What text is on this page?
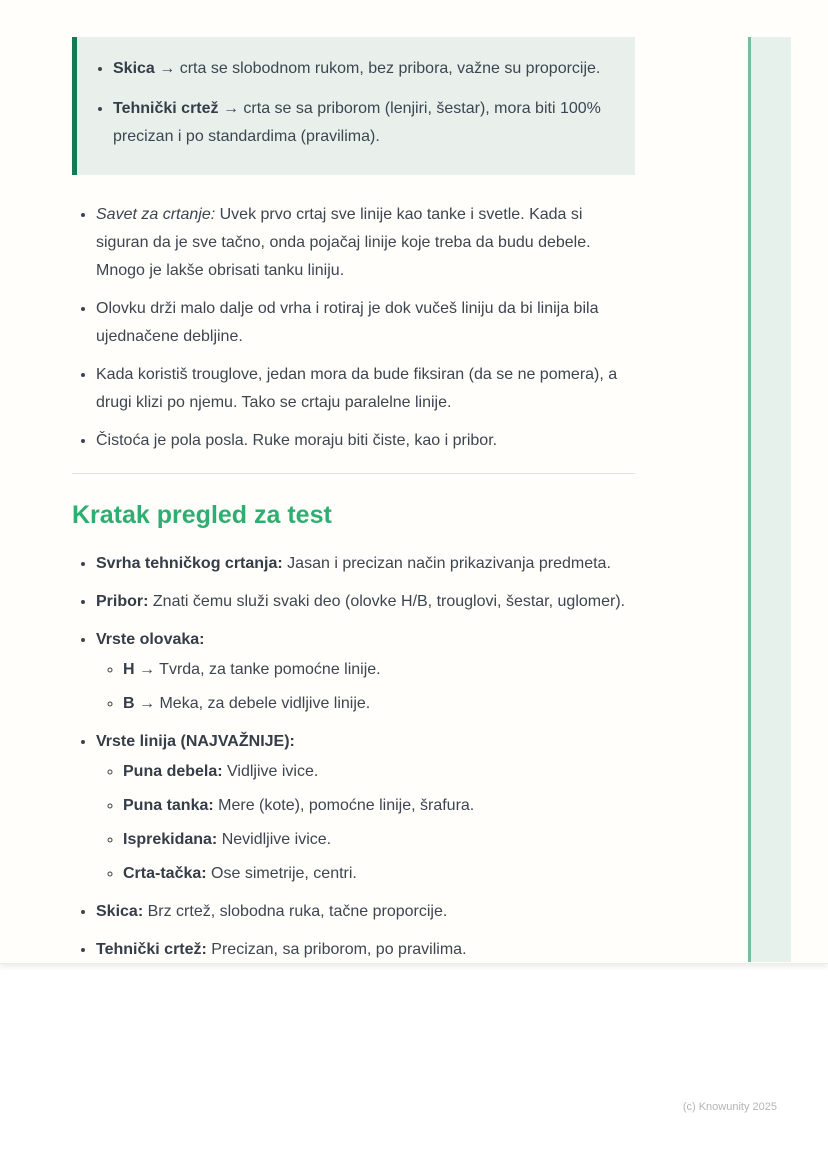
• Skica → crta se slobodnom rukom, bez pribora, važne su proporcije.
• Tehnički crtež → crta se sa priborom (lenjiri, šestar), mora biti 100% precizan i po standardima (pravilima).
• Savet za crtanje: Uvek prvo crtaj sve linije kao tanke i svetle. Kada si siguran da je sve tačno, onda pojačaj linije koje treba da budu debele. Mnogo je lakše obrisati tanku liniju.
• Olovku drži malo dalje od vrha i rotiraj je dok vučeš liniju da bi linija bila ujednačene debljine.
• Kada koristiš trouglove, jedan mora da bude fiksiran (da se ne pomera), a drugi klizi po njemu. Tako se crtaju paralelne linije.
• Čistoća je pola posla. Ruke moraju biti čiste, kao i pribor.
Kratak pregled za test
• Svrha tehničkog crtanja: Jasan i precizan način prikazivanja predmeta.
• Pribor: Znati čemu služi svaki deo (olovke H/B, trouglovi, šestar, uglomer).
• Vrste olovaka:
◦ H → Tvrda, za tanke pomoćne linije.
◦ B → Meka, za debele vidljive linije.
• Vrste linija (NAJVAŽNIJE):
◦ Puna debela: Vidljive ivice.
◦ Puna tanka: Mere (kote), pomoćne linije, šrafura.
◦ Isprekidana: Nevidljive ivice.
◦ Crta-tačka: Ose simetrije, centri.
• Skica: Brz crtež, slobodna ruka, tačne proporcije.
• Tehnički crtež: Precizan, sa priborom, po pravilima.
(c) Knowunity 2025
